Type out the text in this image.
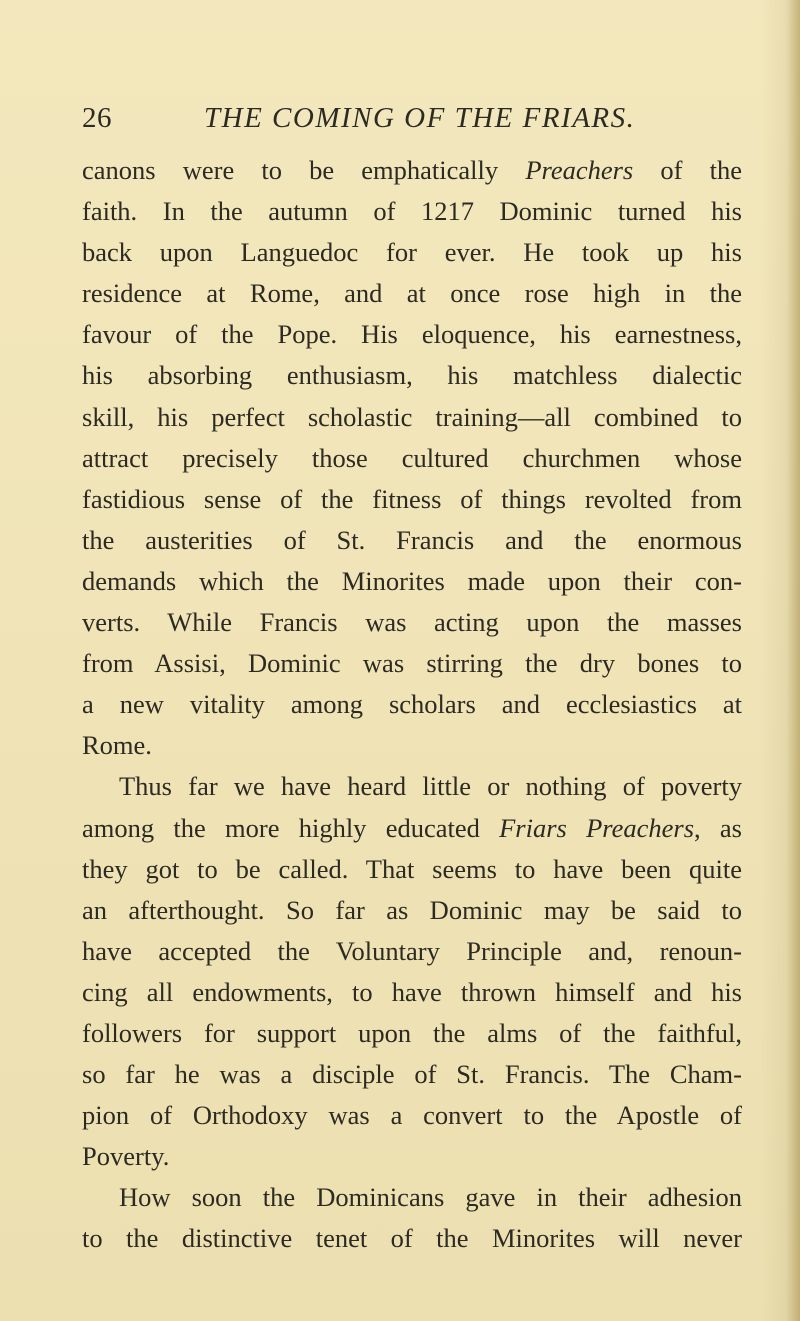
26	THE COMING OF THE FRIARS.
canons were to be emphatically Preachers of the
faith. In the autumn of 1217 Dominic turned his
back upon Languedoc for ever. He took up his
residence at Rome, and at once rose high in the
favour of the Pope. His eloquence, his earnestness,
his absorbing enthusiasm, his matchless dialectic
skill, his perfect scholastic training—all combined to
attract precisely those cultured churchmen whose
fastidious sense of the fitness of things revolted from
the austerities of St. Francis and the enormous
demands which the Minorites made upon their con-
verts. While Francis was acting upon the masses
from Assisi, Dominic was stirring the dry bones to
a new vitality among scholars and ecclesiastics at
Rome.
Thus far we have heard little or nothing of poverty
among the more highly educated Friars Preachers, as
they got to be called. That seems to have been quite
an afterthought. So far as Dominic may be said to
have accepted the Voluntary Principle and, renoun-
cing all endowments, to have thrown himself and his
followers for support upon the alms of the faithful,
so far he was a disciple of St. Francis. The Cham-
pion of Orthodoxy was a convert to the Apostle of
Poverty.
How soon the Dominicans gave in their adhesion
to the distinctive tenet of the Minorites will never
